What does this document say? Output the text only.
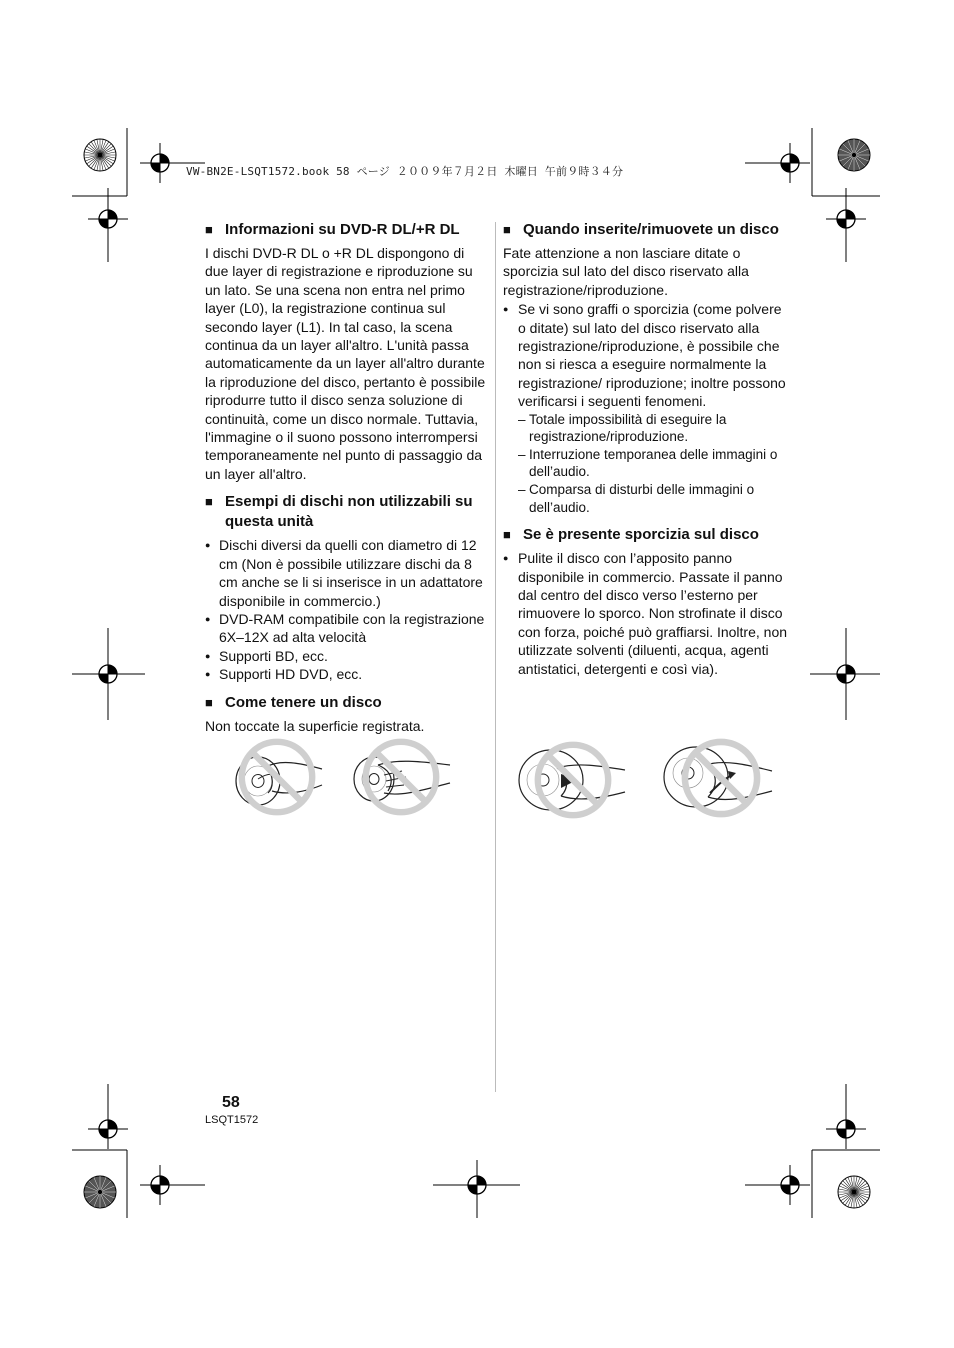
VW-BN2E-LSQT1572.book 58 ページ ２００９年７月２日 木曜日 午前９時３４分
■ Informazioni su DVD-R DL/+R DL

I dischi DVD-R DL o +R DL dispongono di due layer di registrazione e riproduzione su un lato. Se una scena non entra nel primo layer (L0), la registrazione continua sul secondo layer (L1). In tal caso, la scena continua da un layer all'altro. L'unità passa automaticamente da un layer all'altro durante la riproduzione del disco, pertanto è possibile riprodurre tutto il disco senza soluzione di continuità, come un disco normale. Tuttavia, l'immagine o il suono possono interrompersi temporaneamente nel punto di passaggio da un layer all'altro.

■ Esempi di dischi non utilizzabili su questa unità
● Dischi diversi da quelli con diametro di 12 cm (Non è possibile utilizzare dischi da 8 cm anche se li si inserisce in un adattatore disponibile in commercio.)
● DVD-RAM compatibile con la registrazione 6X–12X ad alta velocità
● Supporti BD, ecc.
● Supporti HD DVD, ecc.
■ Come tenere un disco

Non toccate la superficie registrata.

■ Quando inserite/rimuovete un disco

Fate attenzione a non lasciare ditate o sporcizia sul lato del disco riservato alla registrazione/riproduzione.

● Se vi sono graffi o sporcizia (come polvere o ditate) sul lato del disco riservato alla registrazione/riproduzione, è possibile che non si riesca a eseguire normalmente la registrazione/ riproduzione; inoltre possono verificarsi i seguenti fenomeni.
– Totale impossibilità di eseguire la registrazione/riproduzione.
– Interruzione temporanea delle immagini o dell’audio.
– Comparsa di disturbi delle immagini o dell’audio.
■ Se è presente sporcizia sul disco
● Pulite il disco con l’apposito panno disponibile in commercio. Passate il panno dal centro del disco verso l’esterno per rimuovere lo sporco. Non strofinate il disco con forza, poiché può graffiarsi. Inoltre, non utilizzate solventi (diluenti, acqua, agenti antistatici, detergenti e così via).
58
LSQT1572
